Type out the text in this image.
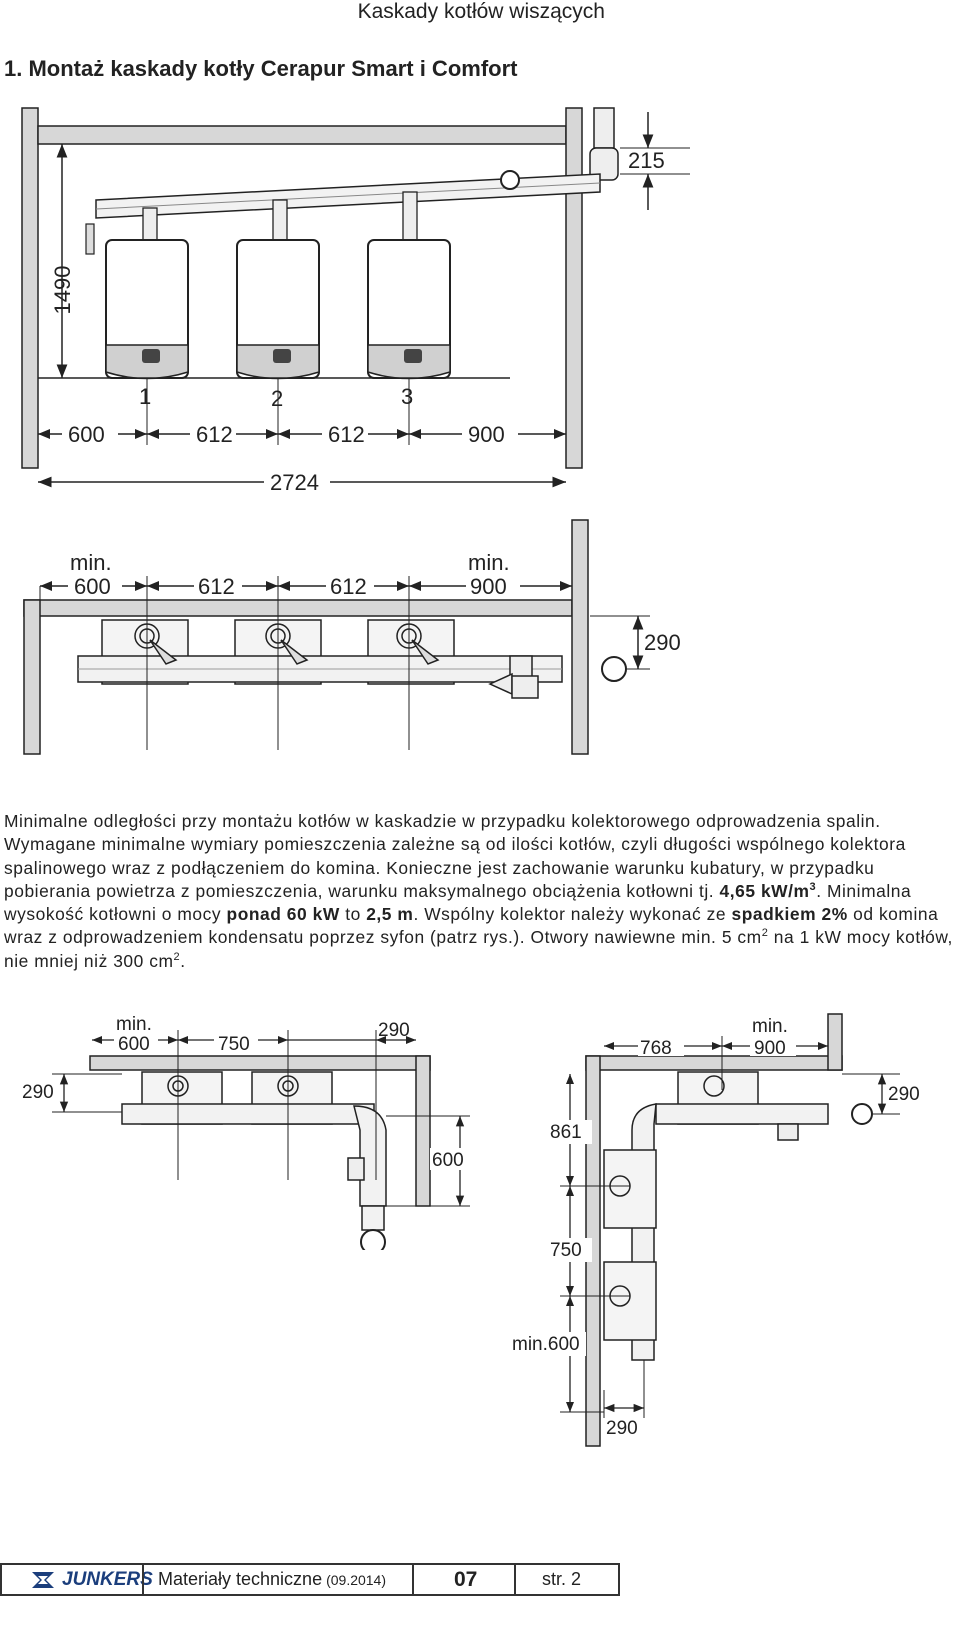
Kaskady kotłów wiszących
1. Montaż kaskady kotły Cerapur Smart i Comfort
1490
215
1	2	3
600	612	612	900
2724
min.
600	612	612
min.
900
290

Minimalne odległości przy montażu kotłów w kaskadzie w przypadku kolektorowego odprowadzenia spalin. Wymagane minimalne wymiary pomieszczenia zależne są od ilości kotłów, czyli długości wspólnego kolektora spalinowego wraz z podłączeniem do komina. Konieczne jest zachowanie warunku kubatury, w przypadku pobierania powietrza z pomieszczenia, warunku maksymalnego obciążenia kotłowni tj. 4,65 $kW/m^3$. Minimalna wysokość kotłowni o mocy ponad 60 kW to 2,5 m. Wspólny kolektor należy wykonać ze spadkiem 2% od komina wraz z odprowadzeniem kondensatu poprzez syfon (patrz rys.). Otwory nawiewne min. 5 $cm^2$ na 1 kW mocy kotłów, nie mniej niż 300 $cm^2$.

min.
600	750
290
290
600
768
min.
900
290
861
750
min.600
290
JUNKERS Materiały techniczne (09.2014)	07	str. 2
